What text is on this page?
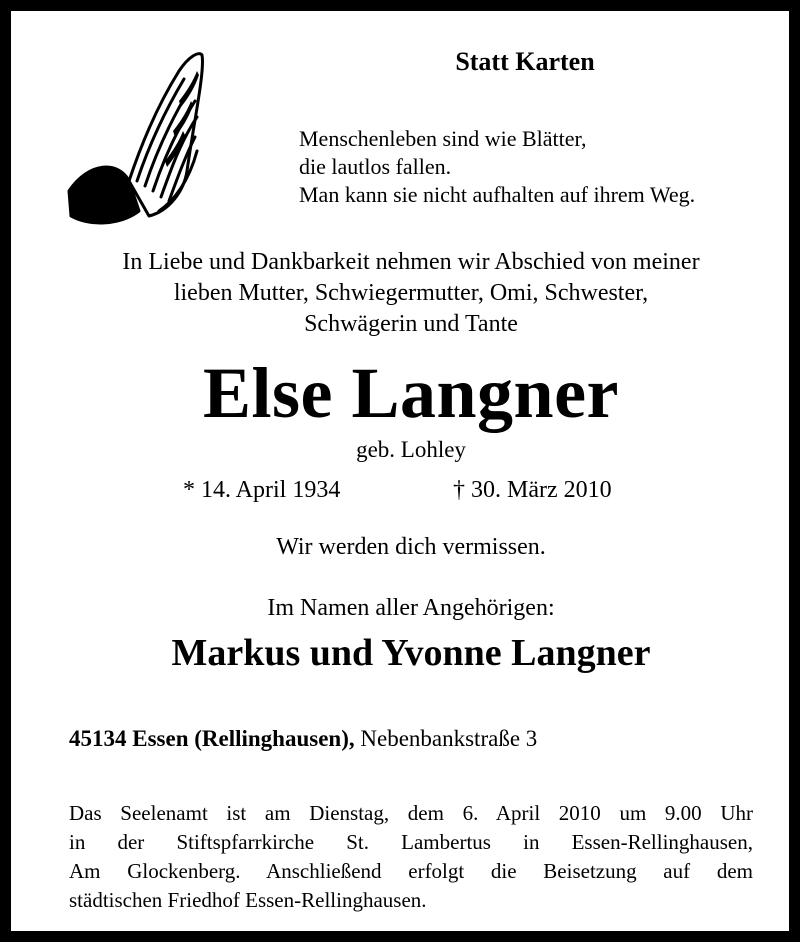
Statt Karten
Menschenleben sind wie Blätter,
die lautlos fallen.
Man kann sie nicht aufhalten auf ihrem Weg.
In Liebe und Dankbarkeit nehmen wir Abschied von meiner
lieben Mutter, Schwiegermutter, Omi, Schwester,
Schwägerin und Tante
Else Langner
geb. Lohley
* 14. April 1934	† 30. März 2010
Wir werden dich vermissen.
Im Namen aller Angehörigen:
Markus und Yvonne Langner
45134 Essen (Rellinghausen), Nebenbankstraße 3
Das Seelenamt ist am Dienstag, dem 6. April 2010 um 9.00 Uhr
in der Stiftspfarrkirche St. Lambertus in Essen-Rellinghausen,
Am Glockenberg. Anschließend erfolgt die Beisetzung auf dem
städtischen Friedhof Essen-Rellinghausen.
